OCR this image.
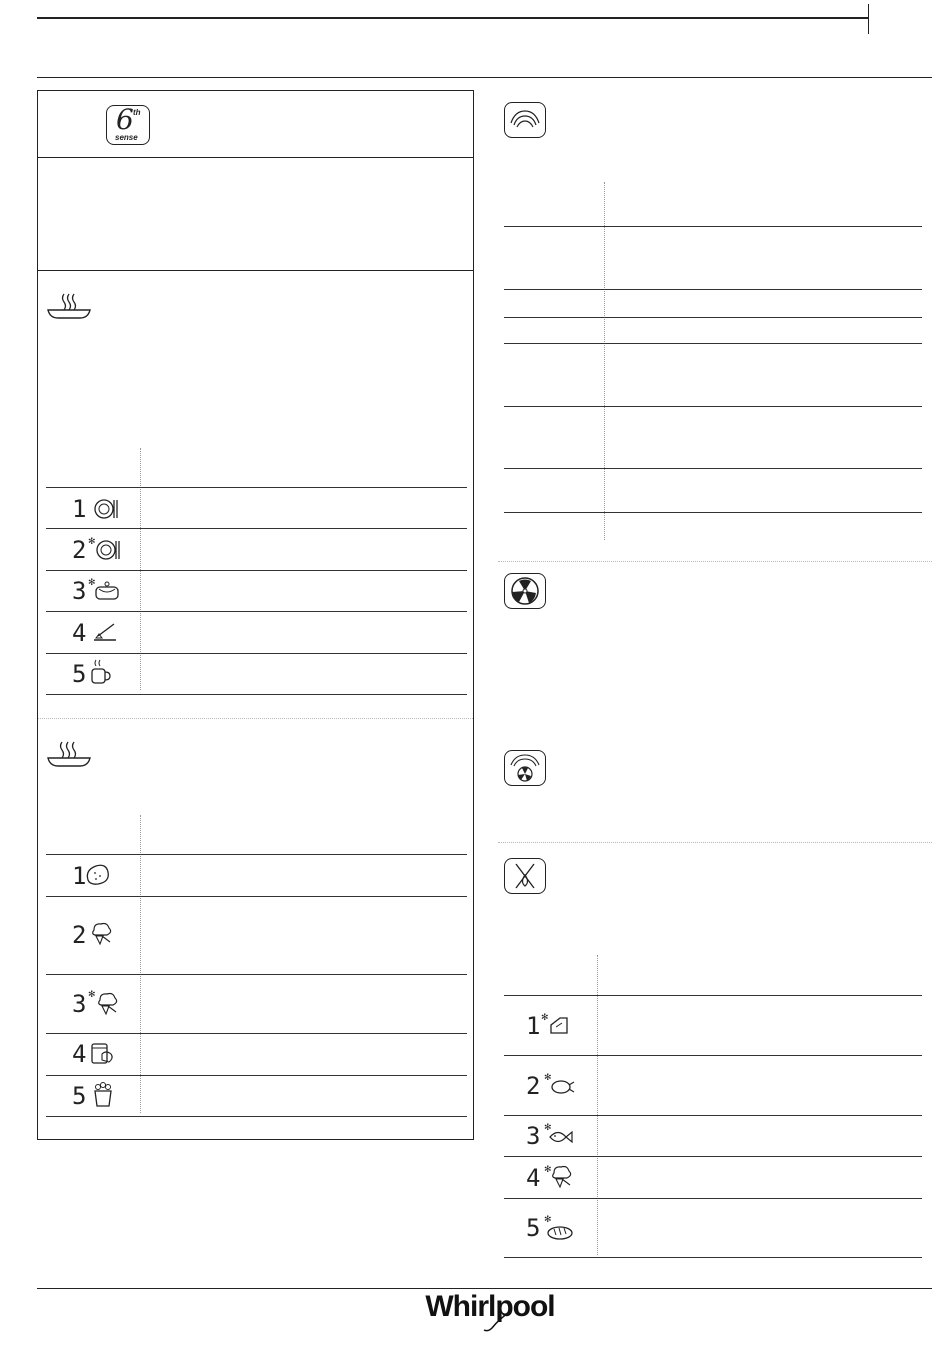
6 th
sense
1
2 ✻
3 ✻
4
5
1
2
3 ✻
4
5
1 ✻
2 ✻
3 ✻
4 ✻
5 ✻
Whirlpool
